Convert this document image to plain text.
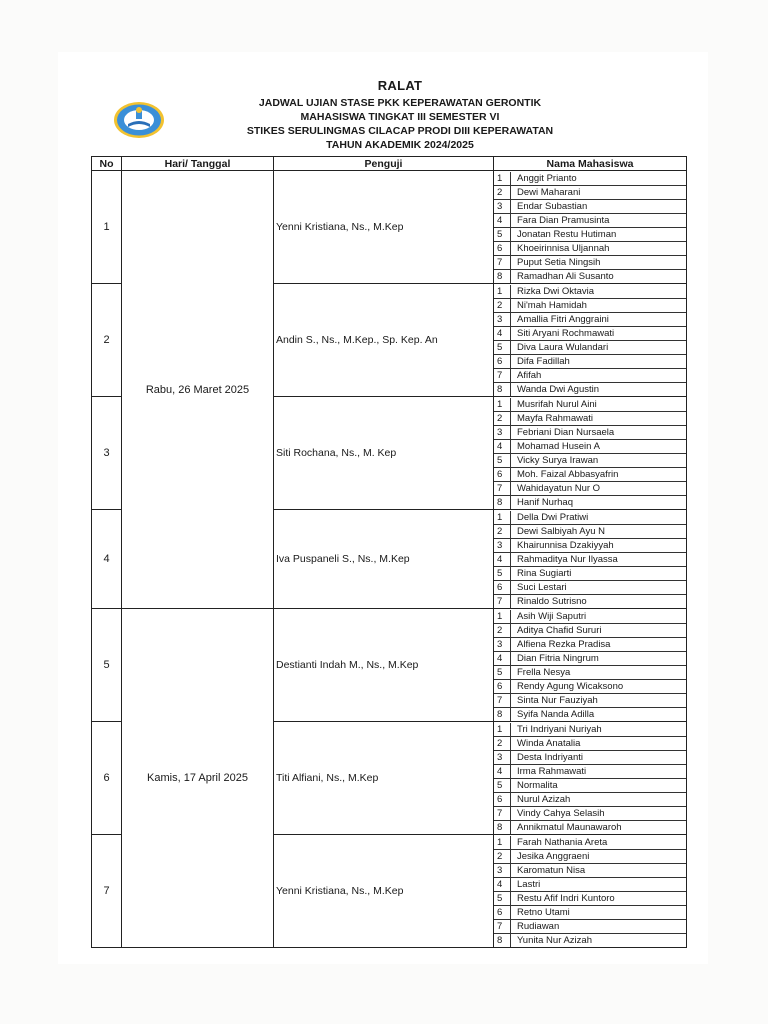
RALAT
JADWAL UJIAN STASE PKK KEPERAWATAN GERONTIK
MAHASISWA TINGKAT III SEMESTER VI
STIKES SERULINGMAS CILACAP PRODI DIII KEPERAWATAN
TAHUN AKADEMIK 2024/2025
No	Hari/ Tanggal	Penguji	Nama Mahasiswa
1	Rabu, 26 Maret 2025	Yenni Kristiana, Ns., M.Kep	
1	Anggit Prianto
2	Dewi Maharani
3	Endar Subastian
4	Fara Dian Pramusinta
5	Jonatan Restu Hutiman
6	Khoeirinnisa Uljannah
7	Puput Setia Ningsih
8	Ramadhan Ali Susanto

2	Andin S., Ns., M.Kep., Sp. Kep. An	
1	Rizka Dwi Oktavia
2	Ni'mah Hamidah
3	Amallia Fitri Anggraini
4	Siti Aryani Rochmawati
5	Diva Laura Wulandari
6	Difa Fadillah
7	Afifah
8	Wanda Dwi Agustin

3	Siti Rochana, Ns., M. Kep	
1	Musrifah Nurul Aini
2	Mayfa Rahmawati
3	Febriani Dian Nursaela
4	Mohamad Husein A
5	Vicky Surya Irawan
6	Moh. Faizal Abbasyafrin
7	Wahidayatun Nur O
8	Hanif Nurhaq

4	Iva Puspaneli S., Ns., M.Kep	
1	Della Dwi Pratiwi
2	Dewi Salbiyah Ayu N
3	Khairunnisa Dzakiyyah
4	Rahmaditya Nur Ilyassa
5	Rina Sugiarti
6	Suci Lestari
7	Rinaldo Sutrisno

5	Kamis, 17 April 2025	Destianti Indah M., Ns., M.Kep	
1	Asih Wiji Saputri
2	Aditya Chafid Sururi
3	Alfiena Rezka Pradisa
4	Dian Fitria Ningrum
5	Frella Nesya
6	Rendy Agung Wicaksono
7	Sinta Nur Fauziyah
8	Syifa Nanda Adilla

6	Titi Alfiani, Ns., M.Kep	
1	Tri Indriyani Nuriyah
2	Winda Anatalia
3	Desta Indriyanti
4	Irma Rahmawati
5	Normalita
6	Nurul Azizah
7	Vindy Cahya Selasih
8	Annikmatul Maunawaroh

7	Yenni Kristiana, Ns., M.Kep	
1	Farah Nathania Areta
2	Jesika Anggraeni
3	Karomatun Nisa
4	Lastri
5	Restu Afif Indri Kuntoro
6	Retno Utami
7	Rudiawan
8	Yunita Nur Azizah
